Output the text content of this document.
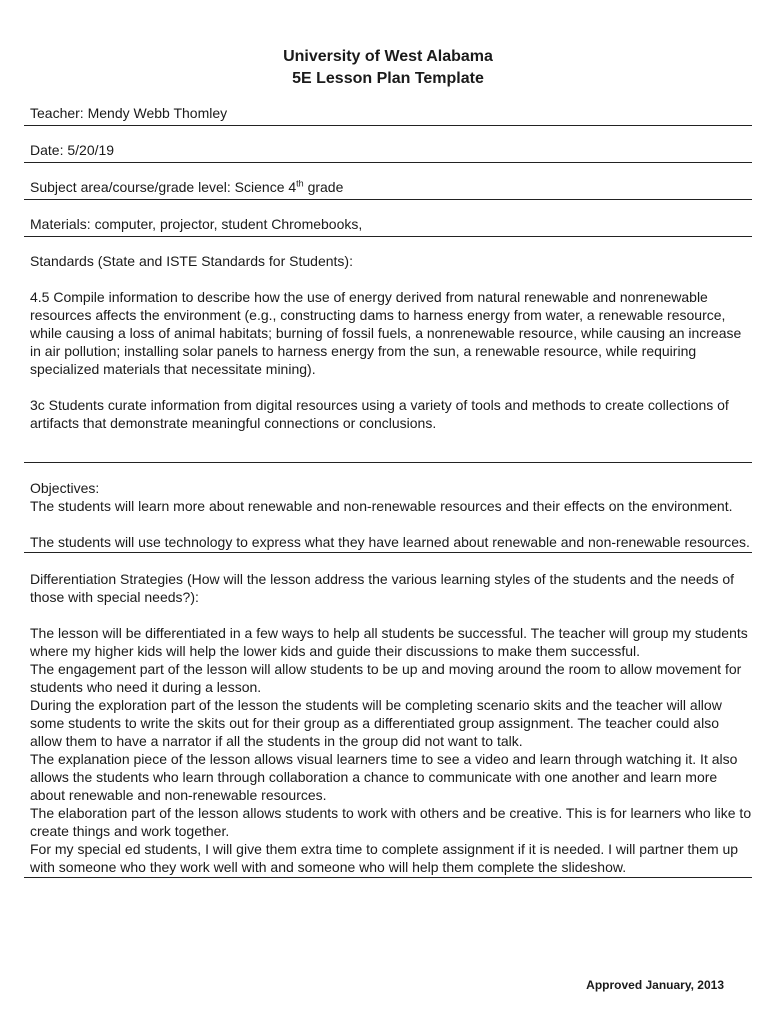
University of West Alabama

5E Lesson Plan Template

Teacher: Mendy Webb Thomley
Date: 5/20/19
Subject area/course/grade level: Science 4th grade
Materials: computer, projector, student Chromebooks,

Standards (State and ISTE Standards for Students):

4.5 Compile information to describe how the use of energy derived from natural renewable and nonrenewable resources affects the environment (e.g., constructing dams to harness energy from water, a renewable resource, while causing a loss of animal habitats; burning of fossil fuels, a nonrenewable resource, while causing an increase in air pollution; installing solar panels to harness energy from the sun, a renewable resource, while requiring specialized materials that necessitate mining).

3c Students curate information from digital resources using a variety of tools and methods to create collections of artifacts that demonstrate meaningful connections or conclusions.

Objectives:

The students will learn more about renewable and non-renewable resources and their effects on the environment.

The students will use technology to express what they have learned about renewable and non-renewable resources.

Differentiation Strategies (How will the lesson address the various learning styles of the students and the needs of those with special needs?):

The lesson will be differentiated in a few ways to help all students be successful. The teacher will group my students where my higher kids will help the lower kids and guide their discussions to make them successful.

The engagement part of the lesson will allow students to be up and moving around the room to allow movement for students who need it during a lesson.

During the exploration part of the lesson the students will be completing scenario skits and the teacher will allow some students to write the skits out for their group as a differentiated group assignment. The teacher could also allow them to have a narrator if all the students in the group did not want to talk.

The explanation piece of the lesson allows visual learners time to see a video and learn through watching it. It also allows the students who learn through collaboration a chance to communicate with one another and learn more about renewable and non-renewable resources.

The elaboration part of the lesson allows students to work with others and be creative. This is for learners who like to create things and work together.

For my special ed students, I will give them extra time to complete assignment if it is needed. I will partner them up with someone who they work well with and someone who will help them complete the slideshow.

Approved January, 2013
